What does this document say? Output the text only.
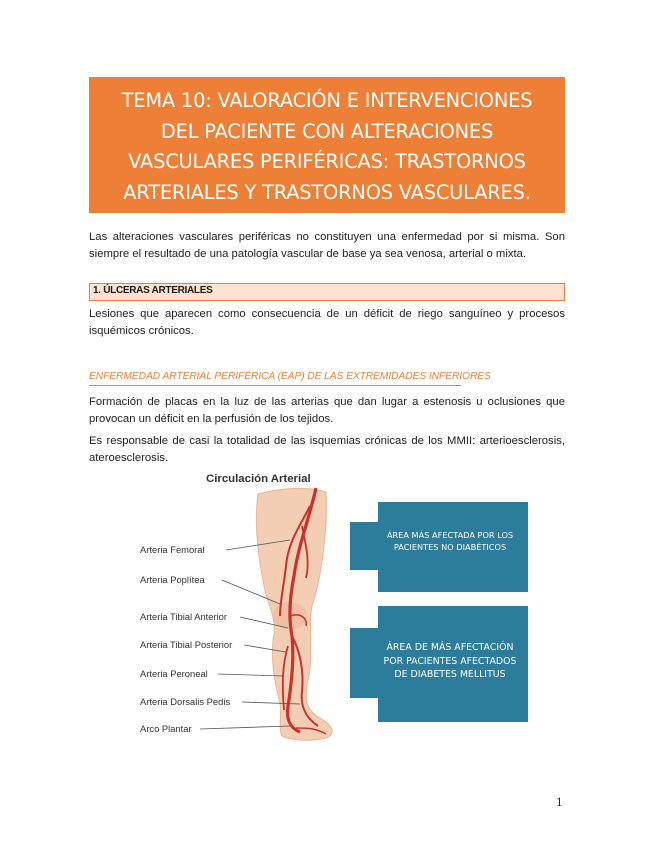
TEMA 10: VALORACIÓN E INTERVENCIONES
DEL PACIENTE CON ALTERACIONES
VASCULARES PERIFÉRICAS: TRASTORNOS
ARTERIALES Y TRASTORNOS VASCULARES.
Las alteraciones vasculares periféricas no constituyen una enfermedad por si misma. Son siempre el resultado de una patología vascular de base ya sea venosa, arterial o mixta.
1. ÚLCERAS ARTERIALES
Lesiones que aparecen como consecuencia de un déficit de riego sanguíneo y procesos isquémicos crónicos.
ENFERMEDAD ARTERIAL PERIFÉRICA (EAP) DE LAS EXTREMIDADES INFERIORES
Formación de placas en la luz de las arterias que dan lugar a estenosis u oclusiones que provocan un déficit en la perfusión de los tejidos.
Es responsable de casi la totalidad de las isquemias crónicas de los MMII: arterioesclerosis, ateroesclerosis.
Circulación Arterial
Arteria Femoral
Arteria Poplítea
Arteria Tibial Anterior
Arteria Tibial Posterior
Arteria Peroneal
Arteria Dorsalis Pedis
Arco Plantar
ÁREA MÁS AFECTADA POR LOS PACIENTES NO DIABÉTICOS
ÁREA DE MÁS AFECTACIÓN POR PACIENTES AFECTADOS DE DIABETES MELLITUS
1
